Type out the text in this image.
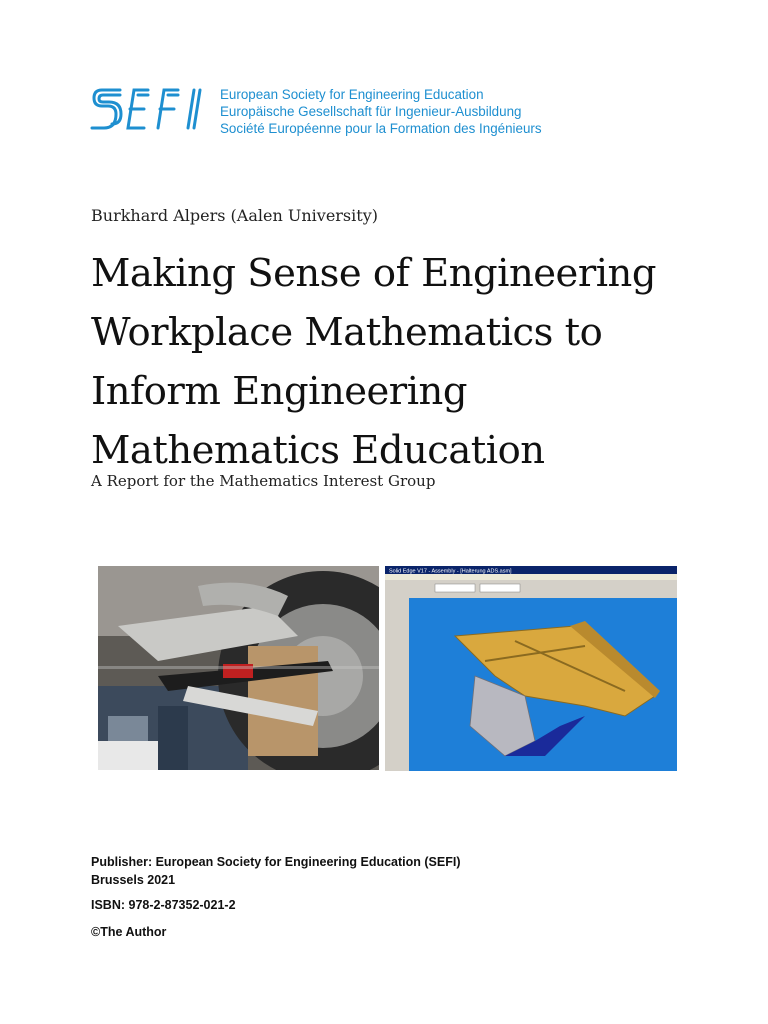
European Society for Engineering Education
Europäische Gesellschaft für Ingenieur-Ausbildung
Société Européenne pour la Formation des Ingénieurs
Burkhard Alpers (Aalen University)
Making Sense of Engineering
Workplace Mathematics to
Inform Engineering
Mathematics Education
A Report for the Mathematics Interest Group
Solid Edge V17 - Assembly - [Halterung ADS.asm]
Publisher: European Society for Engineering Education (SEFI)
Brussels 2021
ISBN: 978-2-87352-021-2
©The Author
